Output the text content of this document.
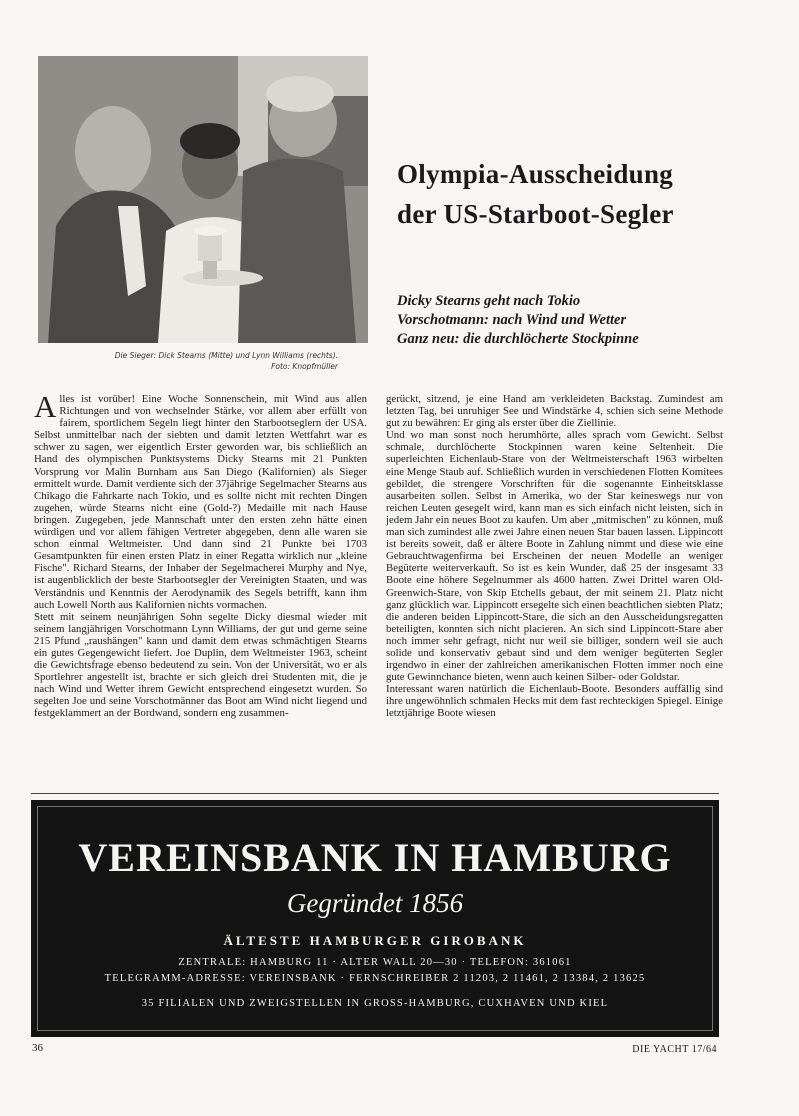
Die Sieger: Dick Stearns (Mitte) und Lynn Williams (rechts).
Foto: Knopfmüller
Olympia-Ausscheidung
der US-Starboot-Segler
Dicky Stearns geht nach Tokio
Vorschotmann: nach Wind und Wetter
Ganz neu: die durchlöcherte Stockpinne

Alles ist vorüber! Eine Woche Sonnenschein, mit Wind aus allen Richtungen und von wechselnder Stärke, vor allem aber erfüllt von fairem, sportlichem Segeln liegt hinter den Starbootseglern der USA. Selbst unmittelbar nach der siebten und damit letzten Wettfahrt war es schwer zu sagen, wer eigentlich Erster geworden war, bis schließlich an Hand des olympischen Punktsystems Dicky Stearns mit 21 Punkten Vorsprung vor Malin Burnham aus San Diego (Kalifornien) als Sieger ermittelt wurde. Damit verdiente sich der 37jährige Segelmacher Stearns aus Chikago die Fahrkarte nach Tokio, und es sollte nicht mit rechten Dingen zugehen, würde Stearns nicht eine (Gold-?) Medaille mit nach Hause bringen. Zugegeben, jede Mannschaft unter den ersten zehn hätte einen würdigen und vor allem fähigen Vertreter abgegeben, denn alle waren sie schon einmal Weltmeister. Und dann sind 21 Punkte bei 1703 Gesamtpunkten für einen ersten Platz in einer Regatta wirklich nur „kleine Fische". Richard Stearns, der Inhaber der Segelmacherei Murphy and Nye, ist augenblicklich der beste Starbootsegler der Vereinigten Staaten, und was Verständnis und Kenntnis der Aerodynamik des Segels betrifft, kann ihm auch Lowell North aus Kalifornien nichts vormachen.

Stett mit seinem neunjährigen Sohn segelte Dicky diesmal wieder mit seinem langjährigen Vorschotmann Lynn Williams, der gut und gerne seine 215 Pfund „raushängen" kann und damit dem etwas schmächtigen Stearns ein gutes Gegengewicht liefert. Joe Duplin, dem Weltmeister 1963, scheint die Gewichtsfrage ebenso bedeutend zu sein. Von der Universität, wo er als Sportlehrer angestellt ist, brachte er sich gleich drei Studenten mit, die je nach Wind und Wetter ihrem Gewicht entsprechend eingesetzt wurden. So segelten Joe und seine Vorschotmänner das Boot am Wind nicht liegend und festgeklammert an der Bordwand, sondern eng zusammen-

gerückt, sitzend, je eine Hand am verkleideten Backstag. Zumindest am letzten Tag, bei unruhiger See und Windstärke 4, schien sich seine Methode gut zu bewähren: Er ging als erster über die Ziellinie.

Und wo man sonst noch herumhörte, alles sprach vom Gewicht. Selbst schmale, durchlöcherte Stockpinnen waren keine Seltenheit. Die superleichten Eichenlaub-Stare von der Weltmeisterschaft 1963 wirbelten eine Menge Staub auf. Schließlich wurden in verschiedenen Flotten Komitees gebildet, die strengere Vorschriften für die sogenannte Einheitsklasse ausarbeiten sollen. Selbst in Amerika, wo der Star keineswegs nur von reichen Leuten gesegelt wird, kann man es sich einfach nicht leisten, sich in jedem Jahr ein neues Boot zu kaufen. Um aber „mitmischen" zu können, muß man sich zumindest alle zwei Jahre einen neuen Star bauen lassen. Lippincott ist bereits soweit, daß er ältere Boote in Zahlung nimmt und diese wie eine Gebrauchtwagenfirma bei Erscheinen der neuen Modelle an weniger Begüterte weiterverkauft. So ist es kein Wunder, daß 25 der insgesamt 33 Boote eine höhere Segelnummer als 4600 hatten. Zwei Drittel waren Old-Greenwich-Stare, von Skip Etchells gebaut, der mit seinem 21. Platz nicht ganz glücklich war. Lippincott ersegelte sich einen beachtlichen siebten Platz; die anderen beiden Lippincott-Stare, die sich an den Ausscheidungsregatten beteiligten, konnten sich nicht placieren. An sich sind Lippincott-Stare aber noch immer sehr gefragt, nicht nur weil sie billiger, sondern weil sie auch solide und konservativ gebaut sind und dem weniger begüterten Segler irgendwo in einer der zahlreichen amerikanischen Flotten immer noch eine gute Gewinnchance bieten, wenn auch keinen Silber- oder Goldstar.

Interessant waren natürlich die Eichenlaub-Boote. Besonders auffällig sind ihre ungewöhnlich schmalen Hecks mit dem fast rechteckigen Spiegel. Einige letztjährige Boote wiesen

VEREINSBANK IN HAMBURG
Gegründet 1856
ÄLTESTE HAMBURGER GIROBANK
ZENTRALE: HAMBURG 11 · ALTER WALL 20—30 · TELEFON: 361061
TELEGRAMM-ADRESSE: VEREINSBANK · FERNSCHREIBER 2 11203, 2 11461, 2 13384, 2 13625
35 FILIALEN UND ZWEIGSTELLEN IN GROSS-HAMBURG, CUXHAVEN UND KIEL
36	DIE YACHT 17/64
